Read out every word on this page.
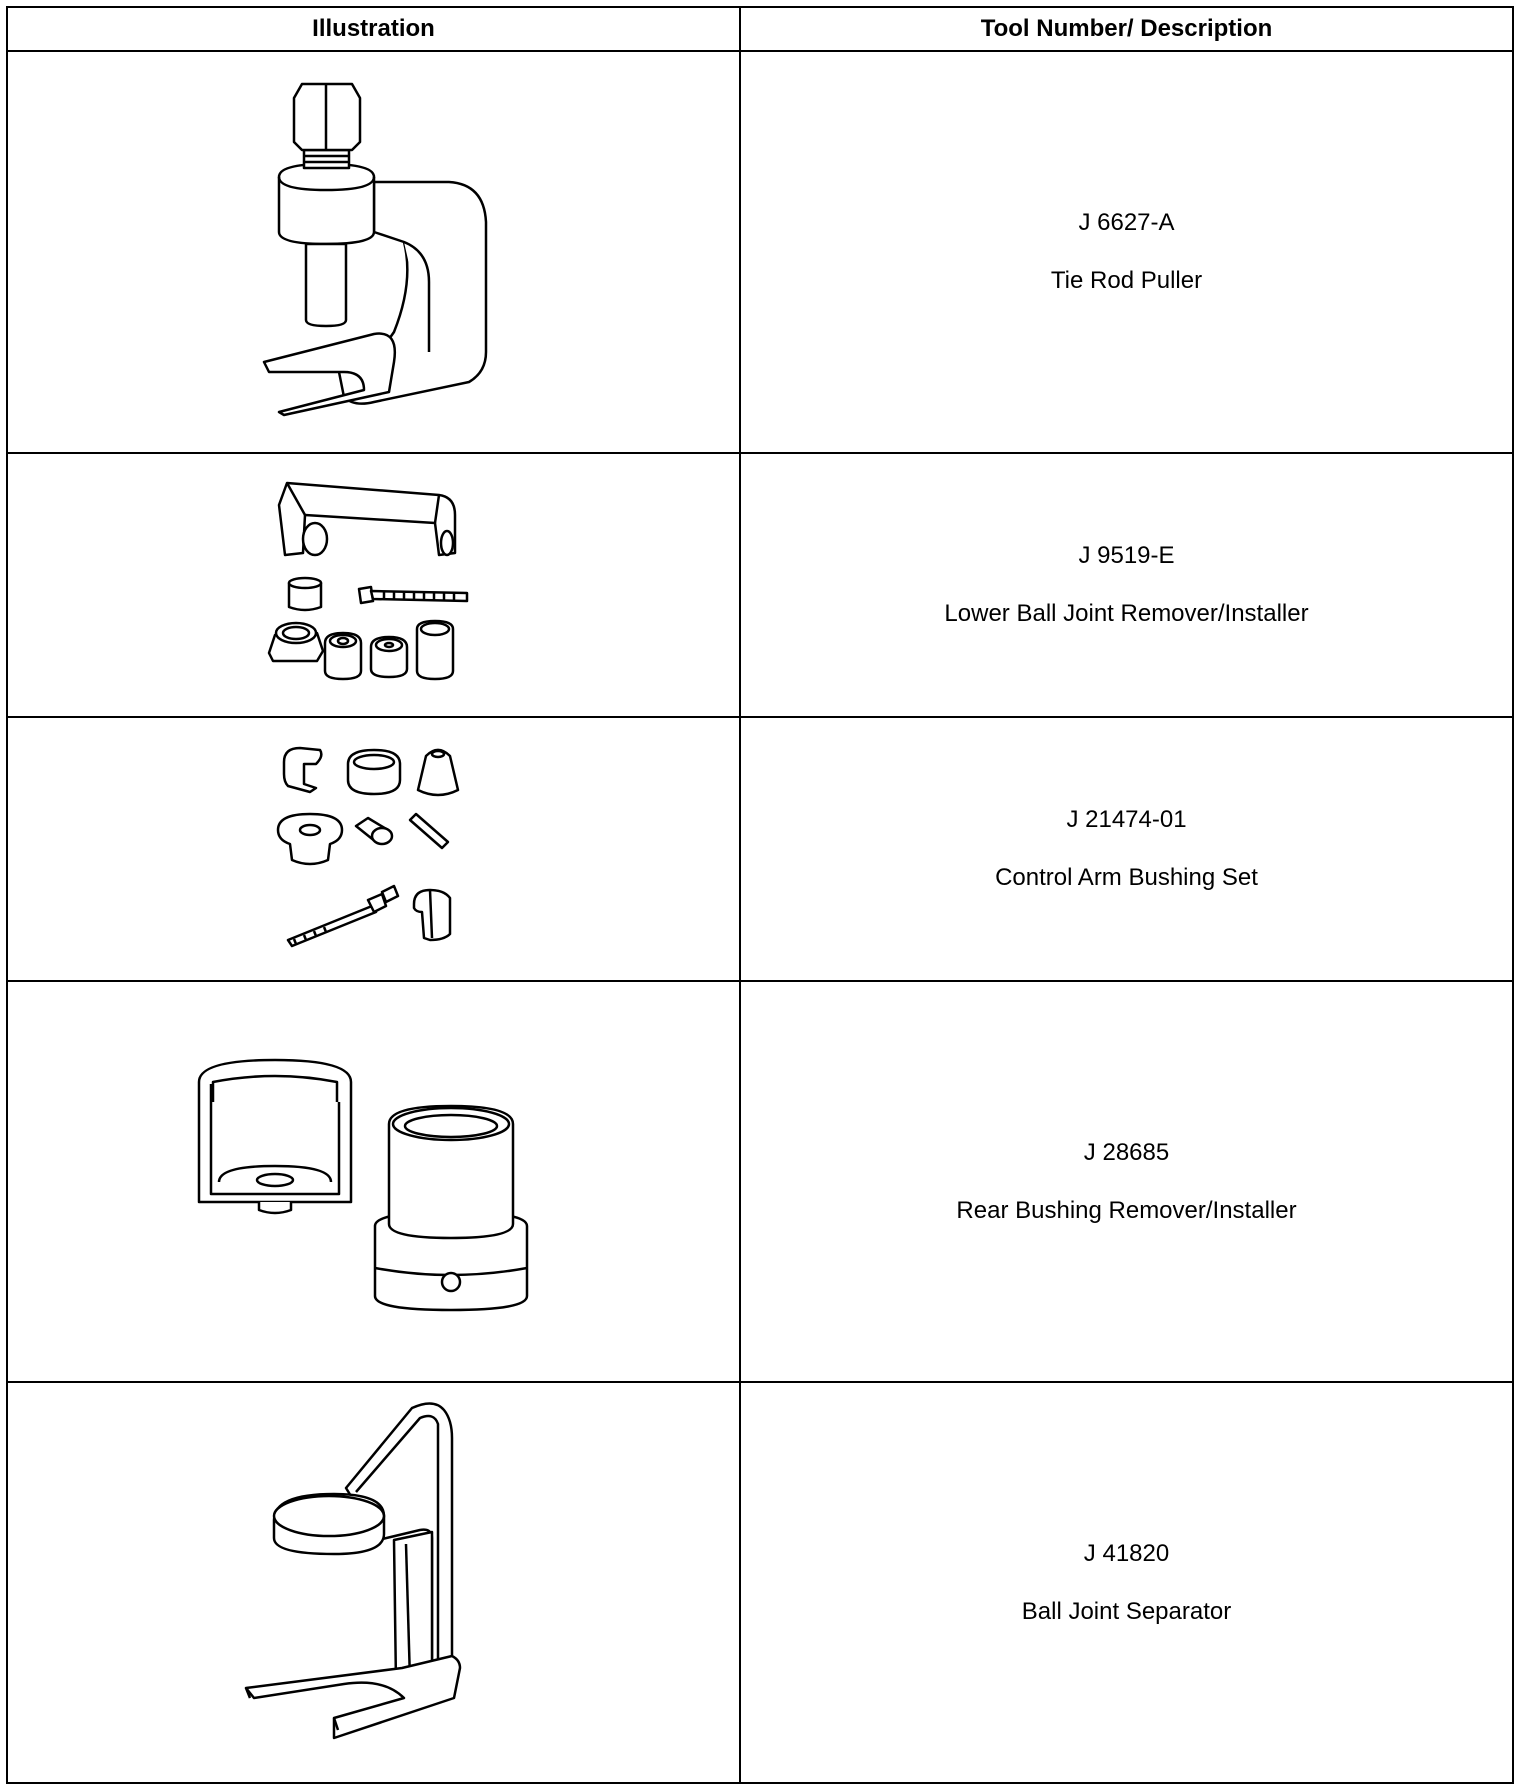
Illustration	Tool Number/ Description

J 6627-A
Tie Rod Puller

J 9519-E
Lower Ball Joint Remover/Installer

J 21474-01
Control Arm Bushing Set

J 28685
Rear Bushing Remover/Installer

J 41820
Ball Joint Separator
